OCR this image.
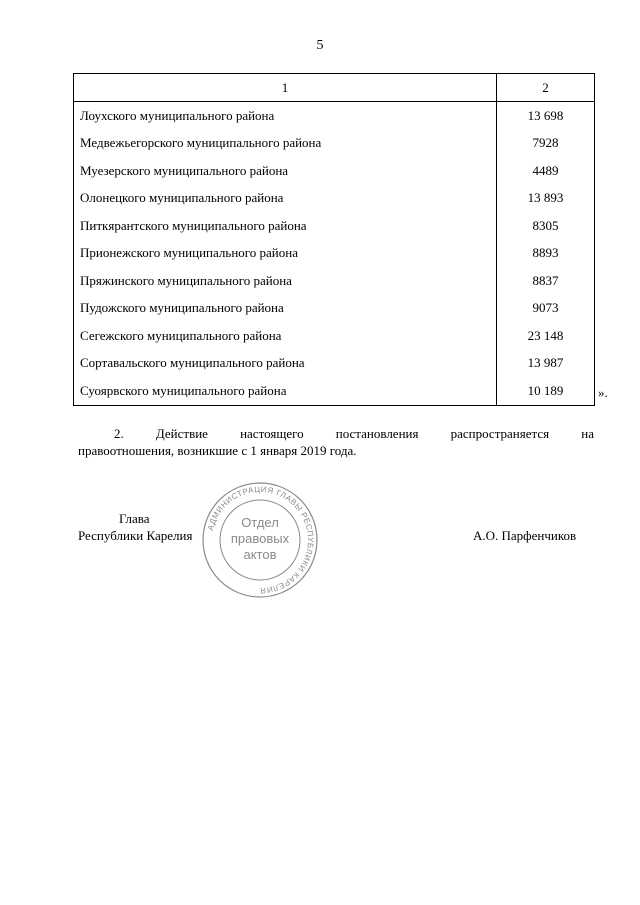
5
1	2
Лоухского муниципального района	13 698
Медвежьегорского муниципального района	7928
Муезерского муниципального района	4489
Олонецкого муниципального района	13 893
Питкярантского муниципального района	8305
Прионежского муниципального района	8893
Пряжинского муниципального района	8837
Пудожского муниципального района	9073
Сегежского муниципального района	23 148
Сортавальского муниципального района	13 987
Суоярвского муниципального района	10 189	».
2. Действие настоящего постановления распространяется на
правоотношения, возникшие с 1 января 2019 года.
АДМИНИСТРАЦИЯ ГЛАВЫ РЕСПУБЛИКИ КАРЕЛИЯ
Отдел
правовых
актов
Глава
Республики Карелия	А.О. Парфенчиков
